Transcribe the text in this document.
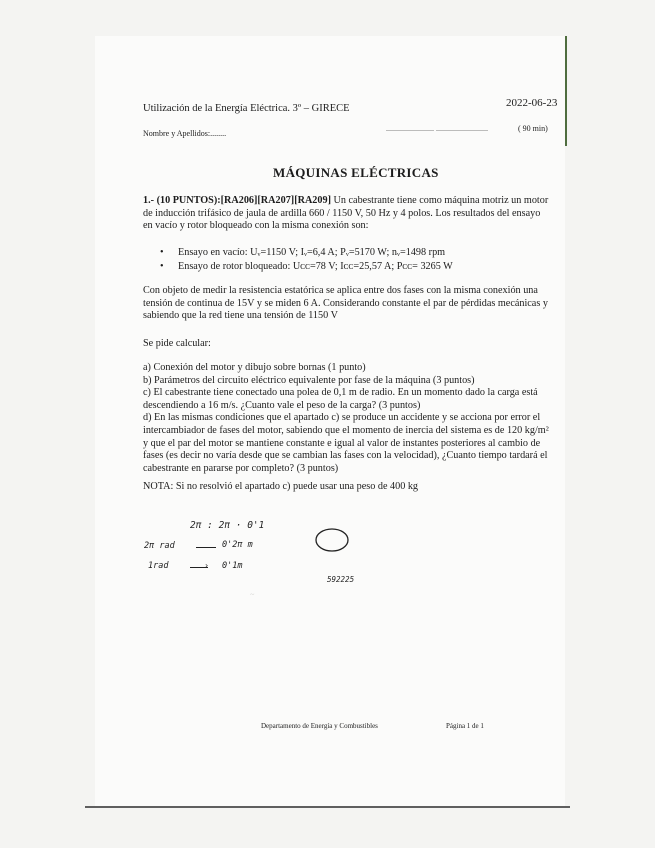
Utilización de la Energía Eléctrica. 3º – GIRECE	2022-06-23
Nombre y Apellidos:........
........................ ..........................	( 90 min)
MÁQUINAS ELÉCTRICAS
1.- (10 PUNTOS):[RA206][RA207][RA209] Un cabestrante tiene como máquina motriz un motor
de inducción trifásico de jaula de ardilla 660 / 1150 V, 50 Hz y 4 polos. Los resultados del ensayo
en vacío y rotor bloqueado con la misma conexión son:
• Ensayo en vacío: Uᵥ=1150 V; Iᵥ=6,4 A; Pᵥ=5170 W; nᵥ=1498 rpm
• Ensayo de rotor bloqueado: Uᴄᴄ=78 V; Iᴄᴄ=25,57 A; Pᴄᴄ= 3265 W
Con objeto de medir la resistencia estatórica se aplica entre dos fases con la misma conexión una
tensión de continua de 15V y se miden 6 A. Considerando constante el par de pérdidas mecánicas y
sabiendo que la red tiene una tensión de 1150 V
Se pide calcular:
a) Conexión del motor y dibujo sobre bornas (1 punto)
b) Parámetros del circuito eléctrico equivalente por fase de la máquina (3 puntos)
c) El cabestrante tiene conectado una polea de 0,1 m de radio. En un momento dado la carga está
descendiendo a 16 m/s. ¿Cuanto vale el peso de la carga? (3 puntos)
d) En las mismas condiciones que el apartado c) se produce un accidente y se acciona por error el
intercambiador de fases del motor, sabiendo que el momento de inercia del sistema es de 120 kg/m²
y que el par del motor se mantiene constante e igual al valor de instantes posteriores al cambio de
fases (es decir no varía desde que se cambian las fases con la velocidad), ¿Cuanto tiempo tardará el
cabestrante en pararse por completo? (3 puntos)
NOTA: Si no resolvió el apartado c) puede usar una peso de 400 kg
~
2π : 2π · 0'1
2π rad	0'2π m
1rad	› 0'1m
592225
Departamento de Energía y Combustibles	Página 1 de 1
